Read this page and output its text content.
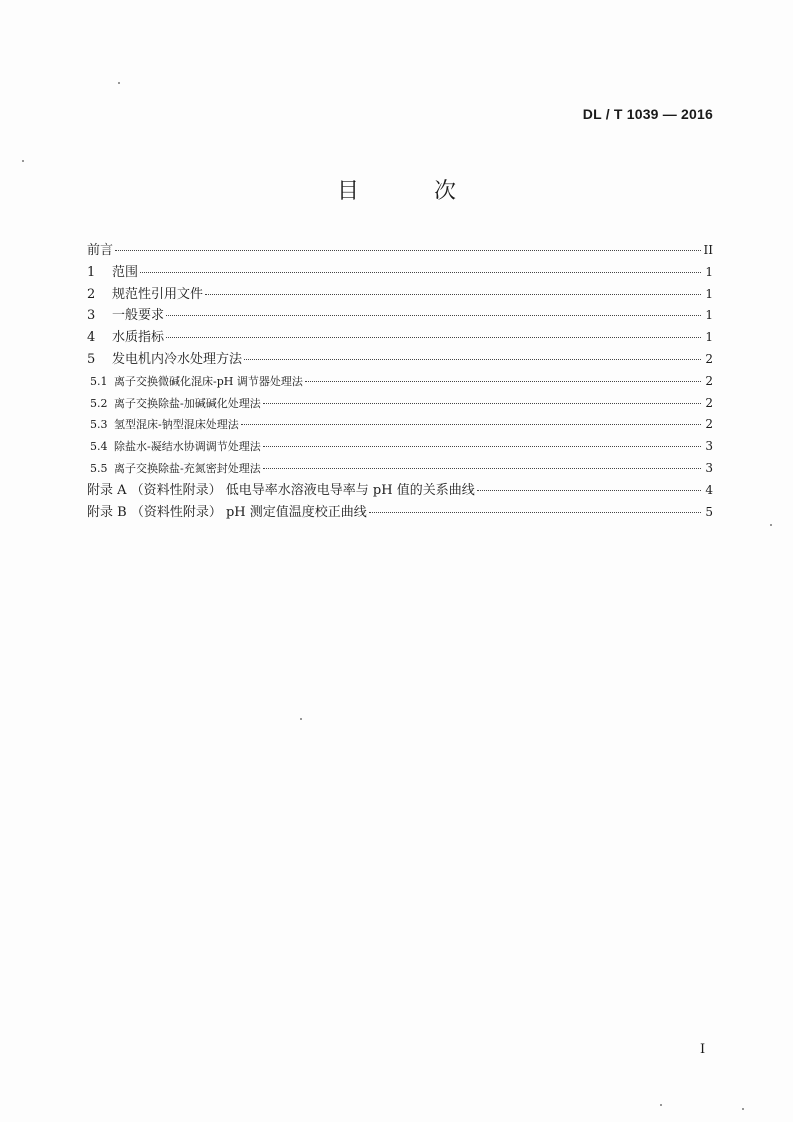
DL / T 1039 — 2016
目 次
前言	II
1	范围	1
2	规范性引用文件	1
3	一般要求	1
4	水质指标	1
5	发电机内冷水处理方法	2
5.1 离子交换微碱化混床-pH 调节器处理法	2
5.2 离子交换除盐-加碱碱化处理法	2
5.3 氢型混床-钠型混床处理法	2
5.4 除盐水-凝结水协调调节处理法	3
5.5 离子交换除盐-充氮密封处理法	3
附录 A （资料性附录） 低电导率水溶液电导率与 pH 值的关系曲线	4
附录 B （资料性附录） pH 测定值温度校正曲线	5
I
